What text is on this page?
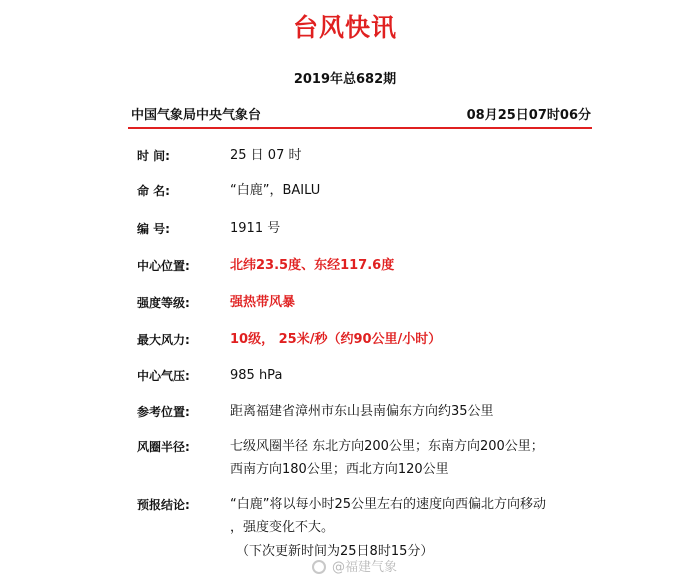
台风快讯
2019年总682期
中国气象局中央气象台	08月25日07时06分
时 间:	25 日 07 时
命 名:	“白鹿”，BAILU
编 号:	1911 号
中心位置:	北纬23.5度、东经117.6度
强度等级:	强热带风暴
最大风力:	10级， 25米/秒（约90公里/小时）
中心气压:	985 hPa
参考位置:	距离福建省漳州市东山县南偏东方向约35公里
风圈半径:	七级风圈半径 东北方向200公里；东南方向200公里；
西南方向180公里；西北方向120公里
预报结论:	“白鹿”将以每小时25公里左右的速度向西偏北方向移动
，强度变化不大。
（下次更新时间为25日8时15分）
@福建气象
